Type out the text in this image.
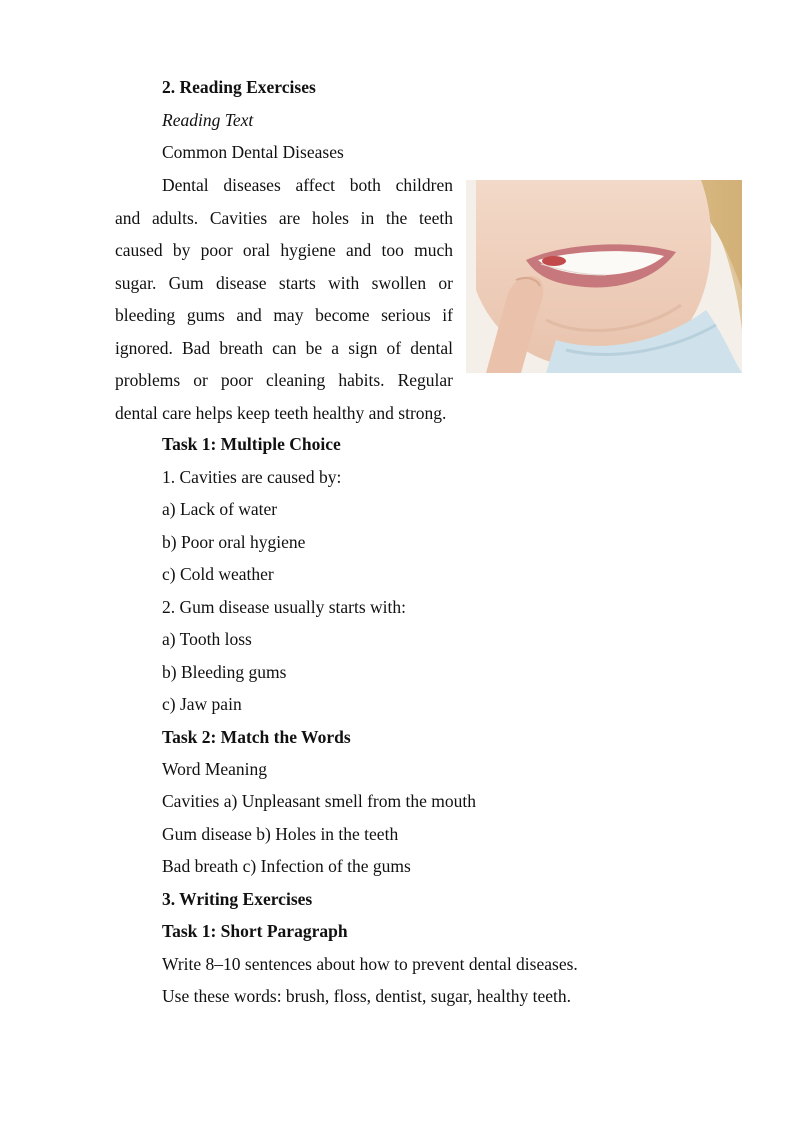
2. Reading Exercises
Reading Text
Common Dental Diseases
Dental diseases affect both children
and adults. Cavities are holes in the teeth
caused by poor oral hygiene and too much
sugar. Gum disease starts with swollen or
bleeding gums and may become serious if
ignored. Bad breath can be a sign of dental
problems or poor cleaning habits. Regular
dental care helps keep teeth healthy and strong.
Task 1: Multiple Choice
1. Cavities are caused by:
a) Lack of water
b) Poor oral hygiene
c) Cold weather
2. Gum disease usually starts with:
a) Tooth loss
b) Bleeding gums
c) Jaw pain
Task 2: Match the Words
Word Meaning
Cavities a) Unpleasant smell from the mouth
Gum disease b) Holes in the teeth
Bad breath c) Infection of the gums
3. Writing Exercises
Task 1: Short Paragraph
Write 8–10 sentences about how to prevent dental diseases.
Use these words: brush, floss, dentist, sugar, healthy teeth.
